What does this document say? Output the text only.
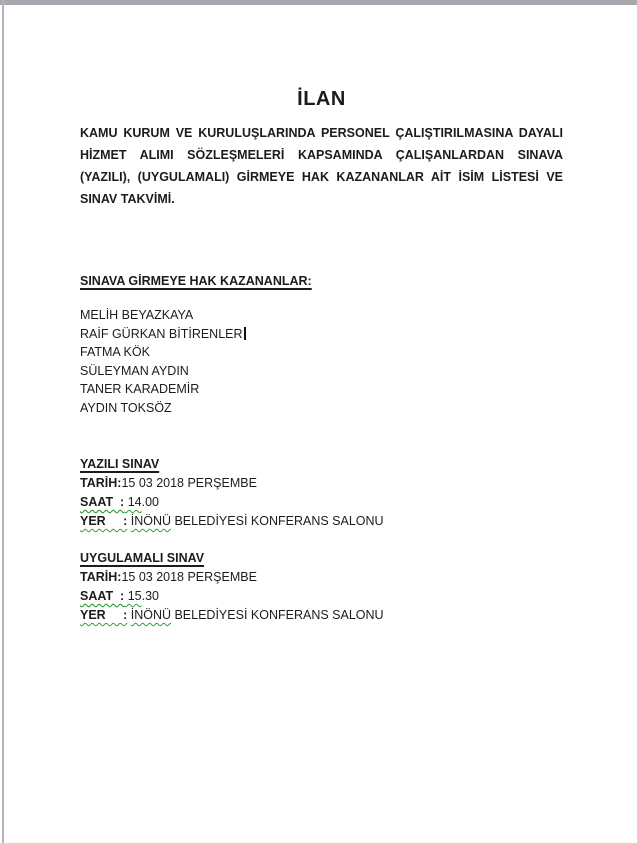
İLAN
KAMU KURUM VE KURULUŞLARINDA PERSONEL ÇALIŞTIRILMASINA DAYALI
HİZMET ALIMI SÖZLEŞMELERİ KAPSAMINDA ÇALIŞANLARDAN SINAVA
(YAZILI), (UYGULAMALI) GİRMEYE HAK KAZANANLAR AİT İSİM LİSTESİ VE
SINAV TAKVİMİ.
SINAVA GİRMEYE HAK KAZANANLAR:
MELİH BEYAZKAYA
RAİF GÜRKAN BİTİRENLER
FATMA KÖK
SÜLEYMAN AYDIN
TANER KARADEMİR
AYDIN TOKSÖZ
YAZILI SINAV
TARİH:15 03 2018 PERŞEMBE
SAAT  : 14.00
YER     : İNÖNÜ BELEDİYESİ KONFERANS SALONU
UYGULAMALI SINAV
TARİH:15 03 2018 PERŞEMBE
SAAT  : 15.30
YER     : İNÖNÜ BELEDİYESİ KONFERANS SALONU
